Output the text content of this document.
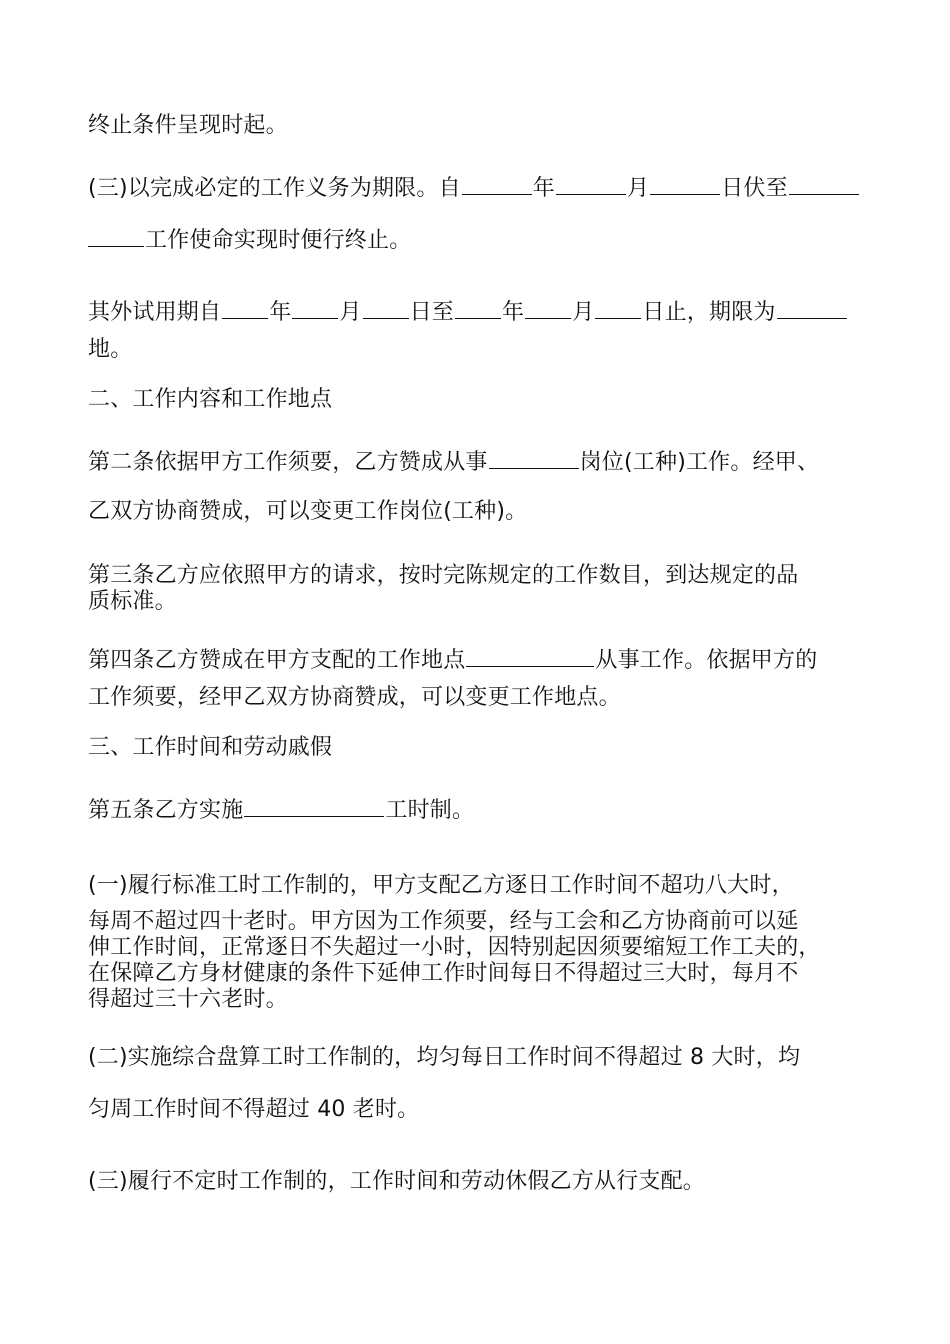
终止条件呈现时起。
(三)以完成必定的工作义务为期限。自	年	月	日伏至
工作使命实现时便行终止。
其外试用期自 年 月 日至 年 月 日止，期限为
地。
二、工作内容和工作地点
第二条依据甲方工作须要，乙方赞成从事	岗位(工种)工作。经甲、
乙双方协商赞成，可以变更工作岗位(工种)。
第三条乙方应依照甲方的请求，按时完陈规定的工作数目，到达规定的品
质标准。
第四条乙方赞成在甲方支配的工作地点	从事工作。依据甲方的
工作须要，经甲乙双方协商赞成，可以变更工作地点。
三、工作时间和劳动戚假
第五条乙方实施	工时制。
(一)履行标准工时工作制的，甲方支配乙方逐日工作时间不超功八大时，
每周不超过四十老时。甲方因为工作须要，经与工会和乙方协商前可以延
伸工作时间，正常逐日不失超过一小时，因特别起因须要缩短工作工夫的，
在保障乙方身材健康的条件下延伸工作时间每日不得超过三大时，每月不
得超过三十六老时。
(二)实施综合盘算工时工作制的，均匀每日工作时间不得超过 8 大时，均
匀周工作时间不得超过 40 老时。
(三)履行不定时工作制的，工作时间和劳动休假乙方从行支配。
